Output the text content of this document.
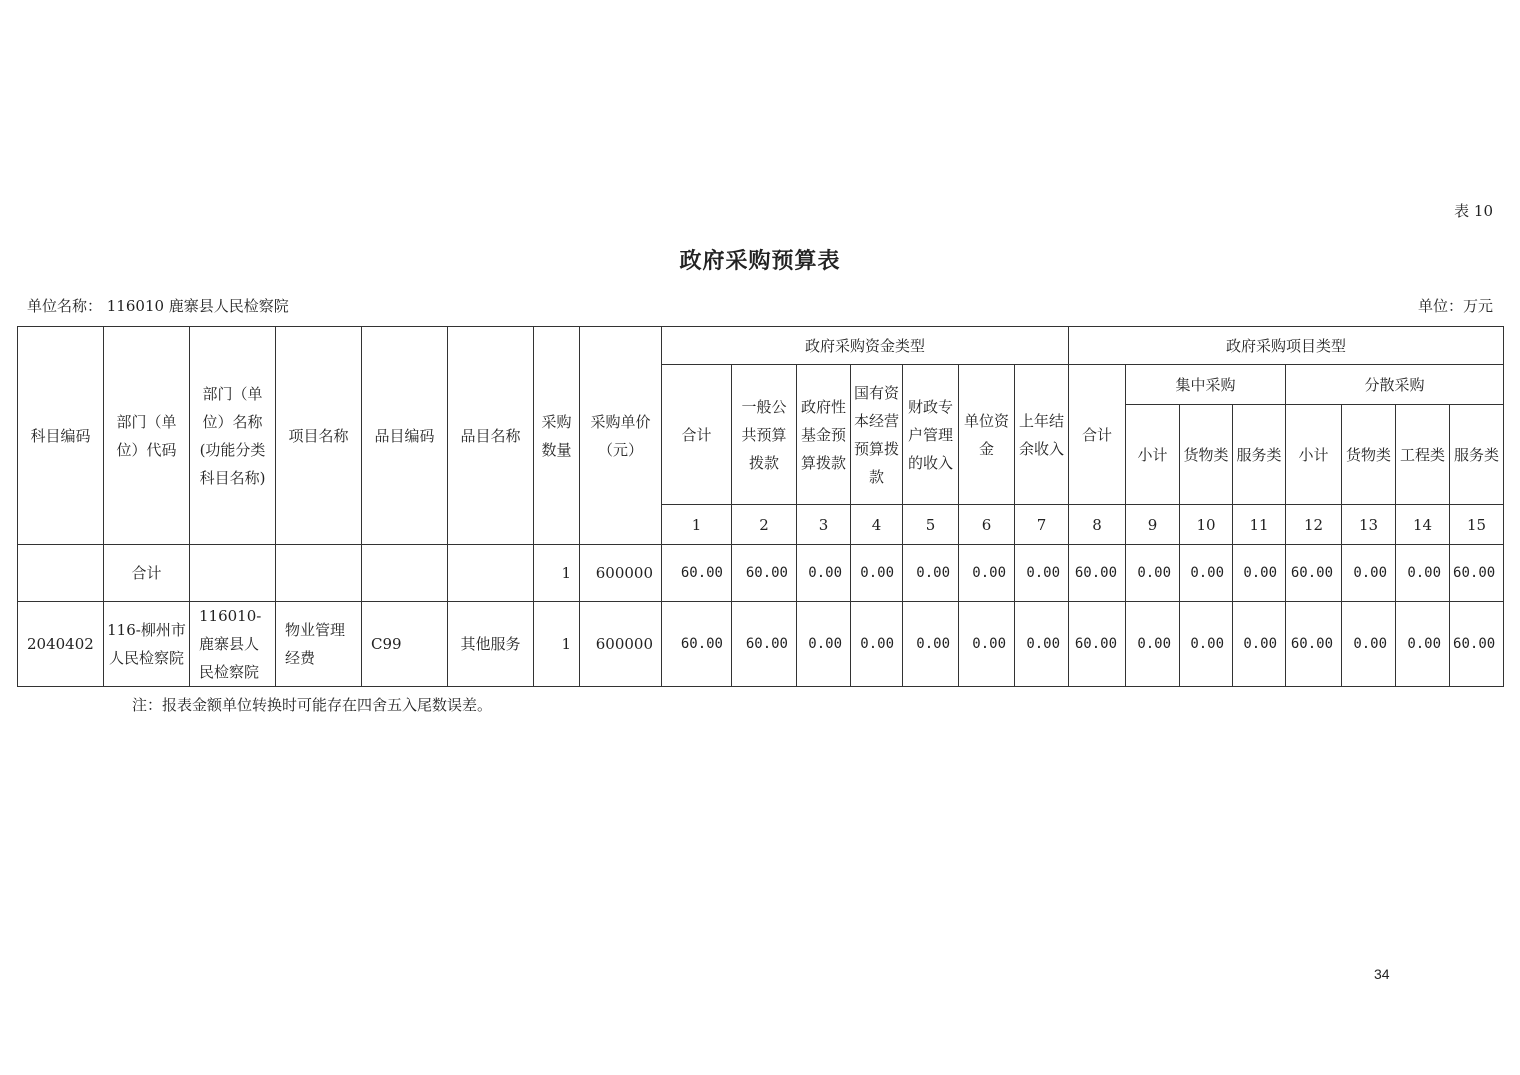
表 10
政府采购预算表
单位名称： 116010 鹿寨县人民检察院	单位：万元
科目编码	部门（单位）代码	部门（单位）名称(功能分类科目名称)	项目名称	品目编码	品目名称	采购数量	采购单价（元）	政府采购资金类型							政府采购项目类型							
								合计	一般公共预算拨款	政府性基金预算拨款	国有资本经营预算拨款	财政专户管理的收入	单位资金	上年结余收入	合计	集中采购			分散采购			
																小计	货物类	服务类	小计	货物类	工程类	服务类
								1	2	3	4	5	6	7	8	9	10	11	12	13	14	15
	合计					1	600000	60.00	60.00	0.00	0.00	0.00	0.00	0.00	60.00	0.00	0.00	0.00	60.00	0.00	0.00	60.00
2040402	116-柳州市人民检察院	116010-鹿寨县人民检察院	物业管理经费	C99	其他服务	1	600000	60.00	60.00	0.00	0.00	0.00	0.00	0.00	60.00	0.00	0.00	0.00	60.00	0.00	0.00	60.00
注：报表金额单位转换时可能存在四舍五入尾数误差。
34
